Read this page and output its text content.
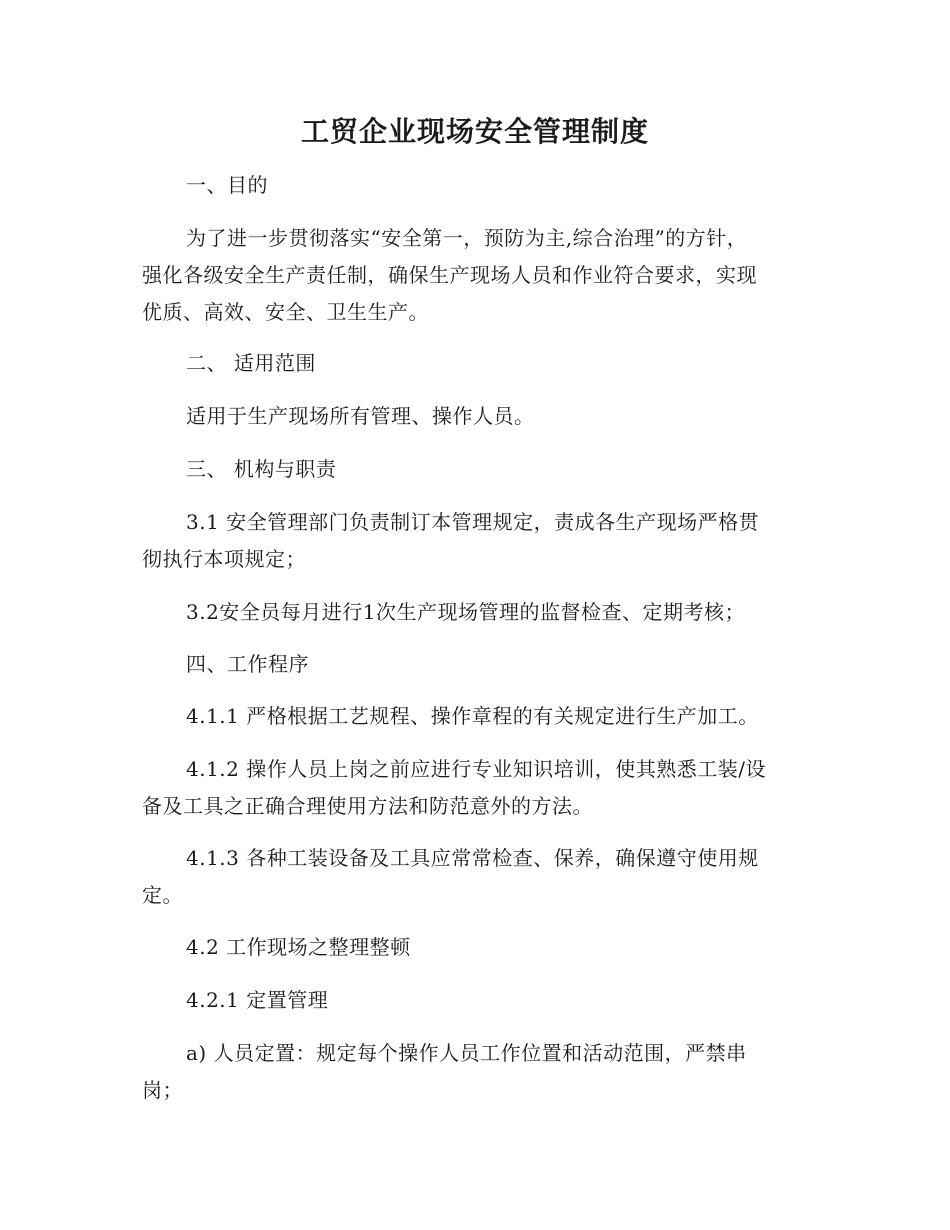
工贸企业现场安全管理制度

一、目的

为了进一步贯彻落实“安全第一，预防为主,综合治理”的方针，
强化各级安全生产责任制，确保生产现场人员和作业符合要求，实现
优质、高效、安全、卫生生产。

二、 适用范围

适用于生产现场所有管理、操作人员。

三、 机构与职责

3.1 安全管理部门负责制订本管理规定，责成各生产现场严格贯
彻执行本项规定；

3.2安全员每月进行1次生产现场管理的监督检查、定期考核；

四、工作程序

4.1.1 严格根据工艺规程、操作章程的有关规定进行生产加工。

4.1.2 操作人员上岗之前应进行专业知识培训，使其熟悉工装/设
备及工具之正确合理使用方法和防范意外的方法。

4.1.3 各种工装设备及工具应常常检查、保养，确保遵守使用规
定。

4.2 工作现场之整理整顿

4.2.1 定置管理

a) 人员定置：规定每个操作人员工作位置和活动范围，严禁串
岗；
